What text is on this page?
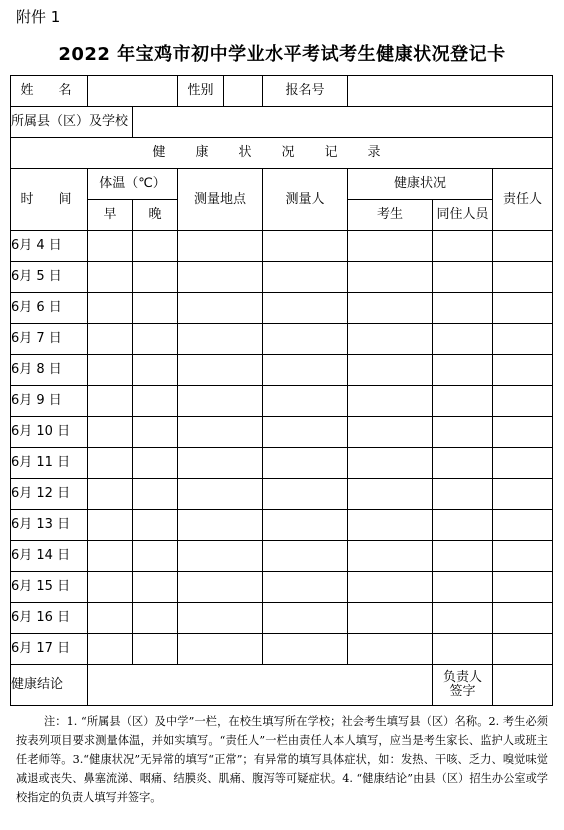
附件 1
2022 年宝鸡市初中学业水平考试考生健康状况登记卡
姓　名			性别	报名号			
所属县（区）及学校							
健康状况记录							
时　间	体温（℃）		测量地点	测量人	健康状况		责任人
	早	晚			考生	同住人员	
6月 4 日							
6月 5 日							
6月 6 日							
6月 7 日							
6月 8 日							
6月 9 日							
6月 10 日							
6月 11 日							
6月 12 日							
6月 13 日							
6月 14 日							
6月 15 日							
6月 16 日							
6月 17 日							
健康结论						负责人
签字	

注：1. “所属县（区）及中学”一栏，在校生填写所在学校；社会考生填写县（区）名称。2. 考生必须按表列项目要求测量体温，并如实填写。“责任人”一栏由责任人本人填写，应当是考生家长、监护人或班主任老师等。3.“健康状况”无异常的填写“正常”；有异常的填写具体症状，如：发热、干咳、乏力、嗅觉味觉减退或丧失、鼻塞流涕、咽痛、结膜炎、肌痛、腹泻等可疑症状。4. “健康结论”由县（区）招生办公室或学校指定的负责人填写并签字。
